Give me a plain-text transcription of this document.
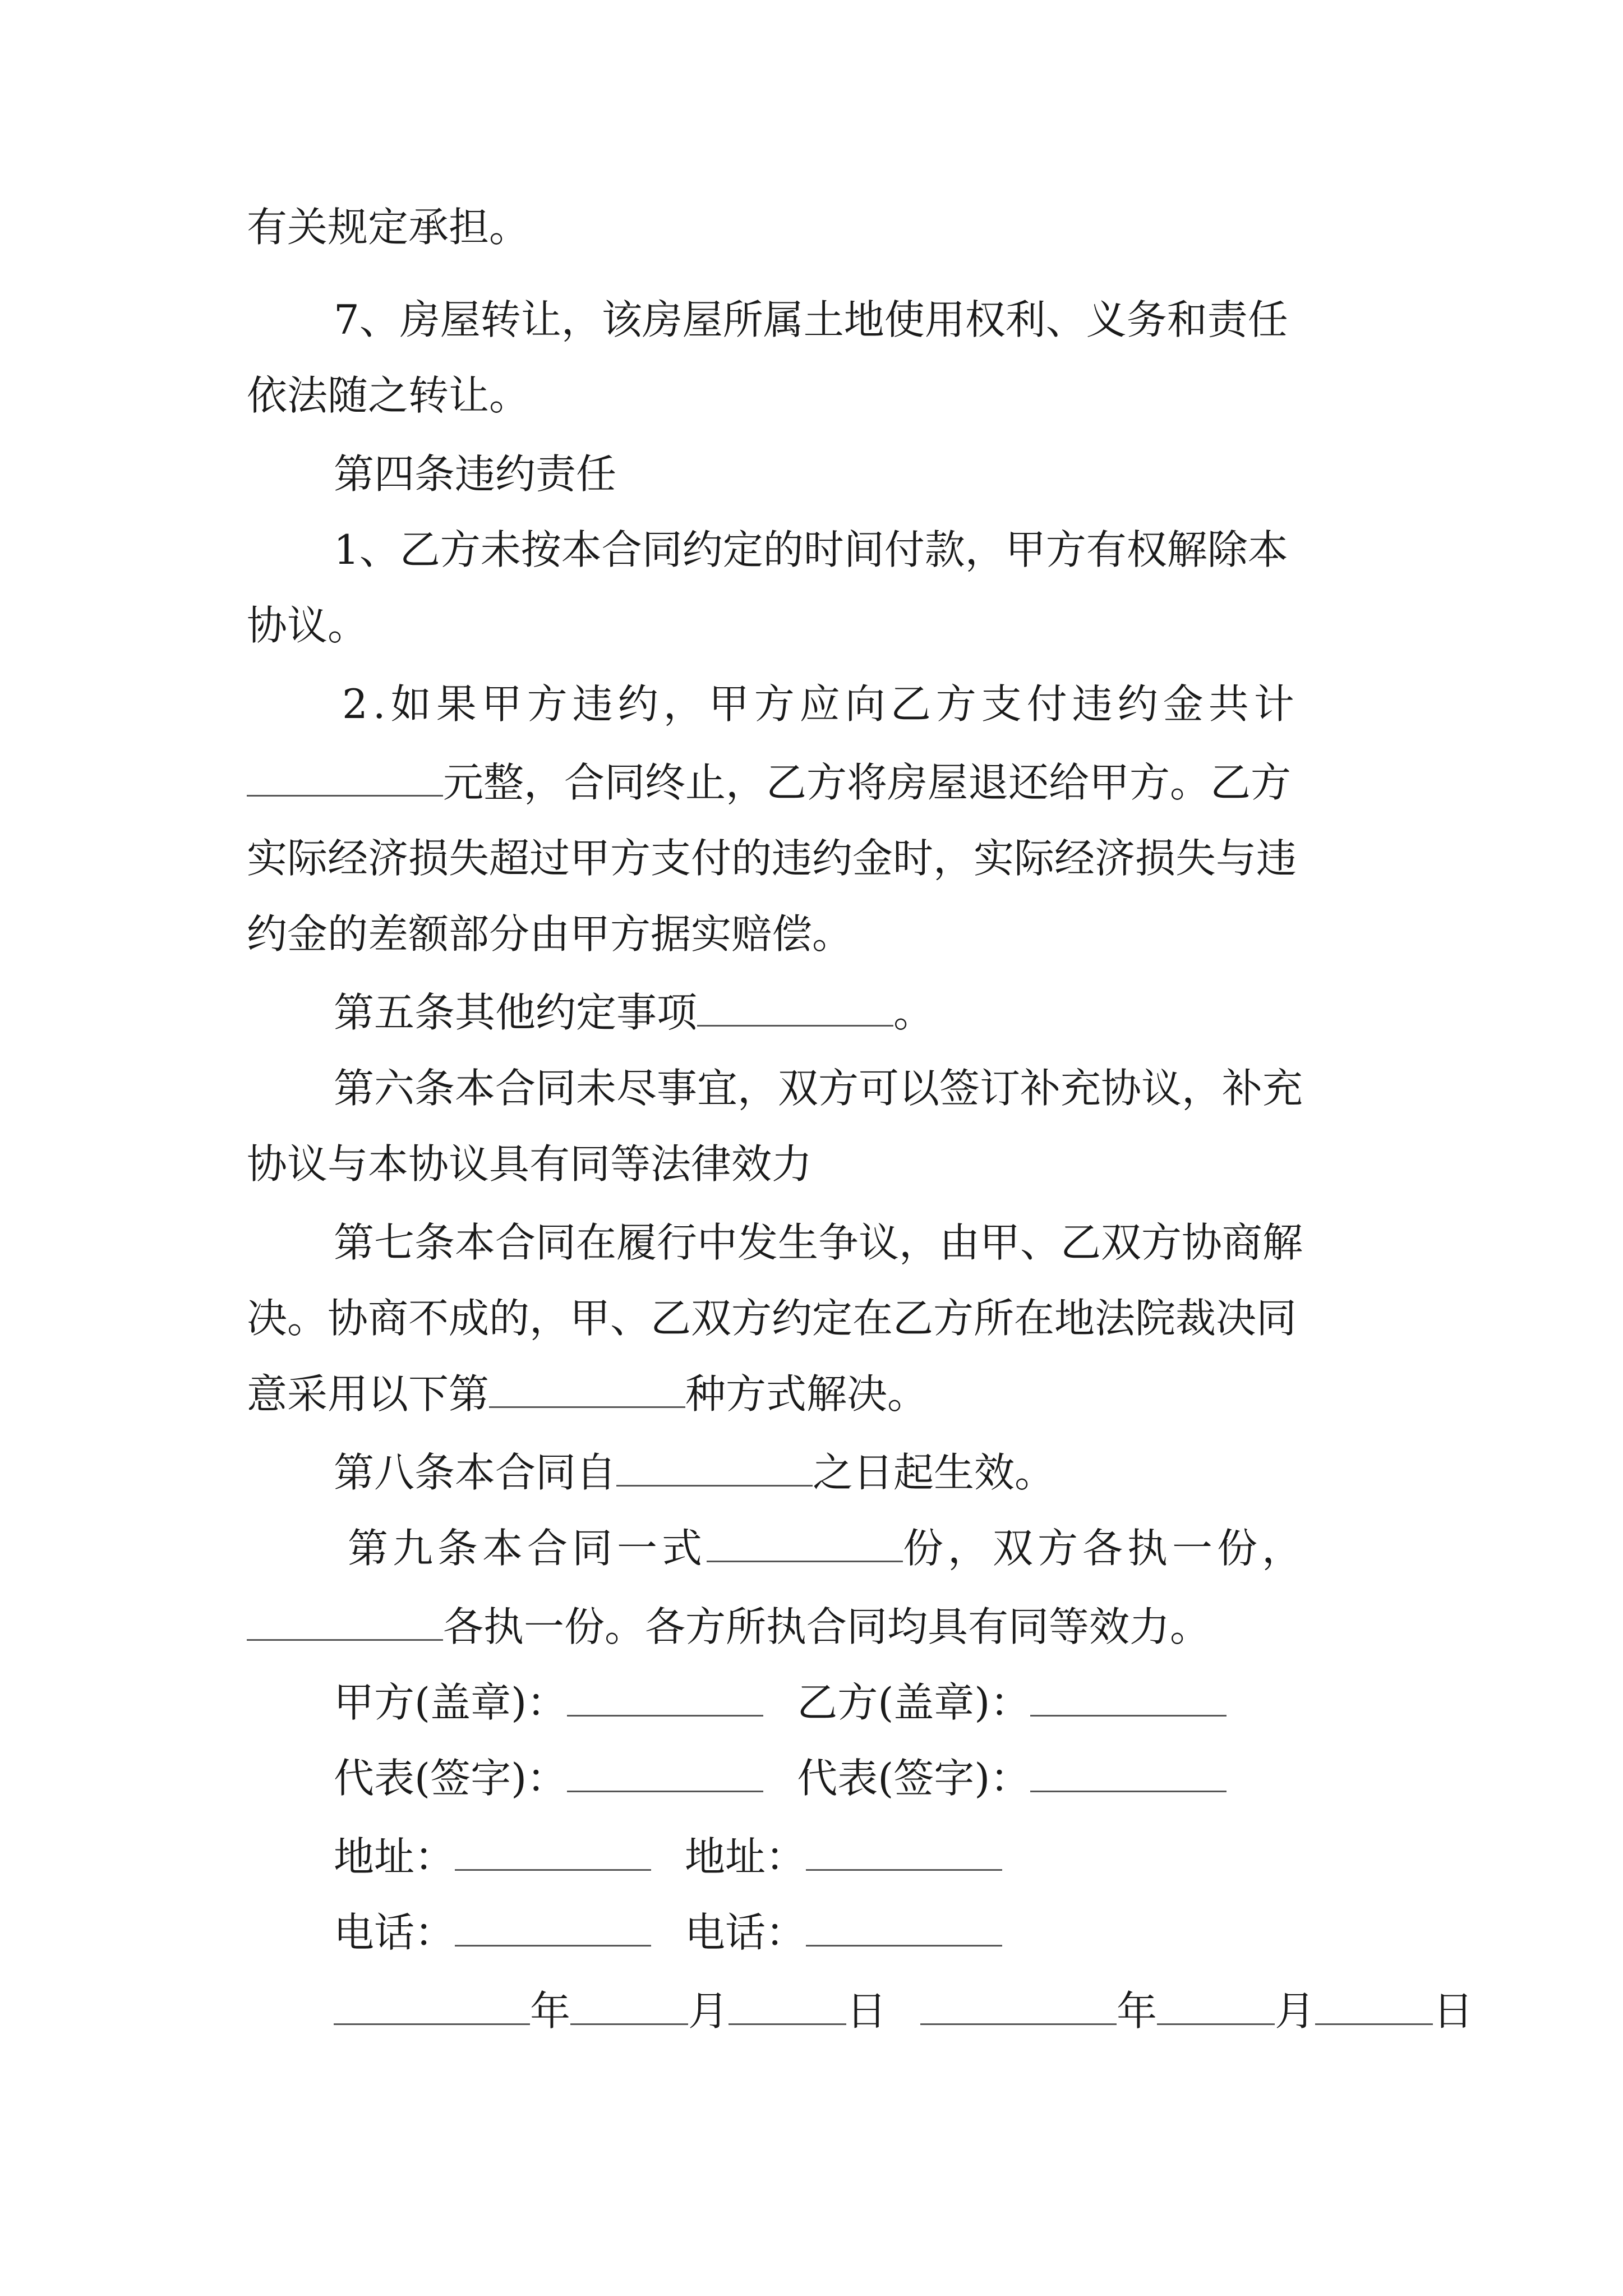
有关规定承担。
7、房屋转让，该房屋所属土地使用权利、义务和责任
依法随之转让。
第四条违约责任
1、乙方未按本合同约定的时间付款，甲方有权解除本
协议。
2.如果甲方违约，甲方应向乙方支付违约金共计
元整，合同终止，乙方将房屋退还给甲方。乙方
实际经济损失超过甲方支付的违约金时，实际经济损失与违
约金的差额部分由甲方据实赔偿。
第五条其他约定事项	。
第六条本合同未尽事宜，双方可以签订补充协议，补充
协议与本协议具有同等法律效力
第七条本合同在履行中发生争议，由甲、乙双方协商解
决。协商不成的，甲、乙双方约定在乙方所在地法院裁决同
意采用以下第	种方式解决。
第八条本合同自	之日起生效。
第九条本合同一式	份，双方各执一份，
各执一份。各方所执合同均具有同等效力。
甲方(盖章)：	乙方(盖章)：
代表(签字)：	代表(签字)：
地址：	地址：
电话：	电话：
年	月	日	年	月	日
